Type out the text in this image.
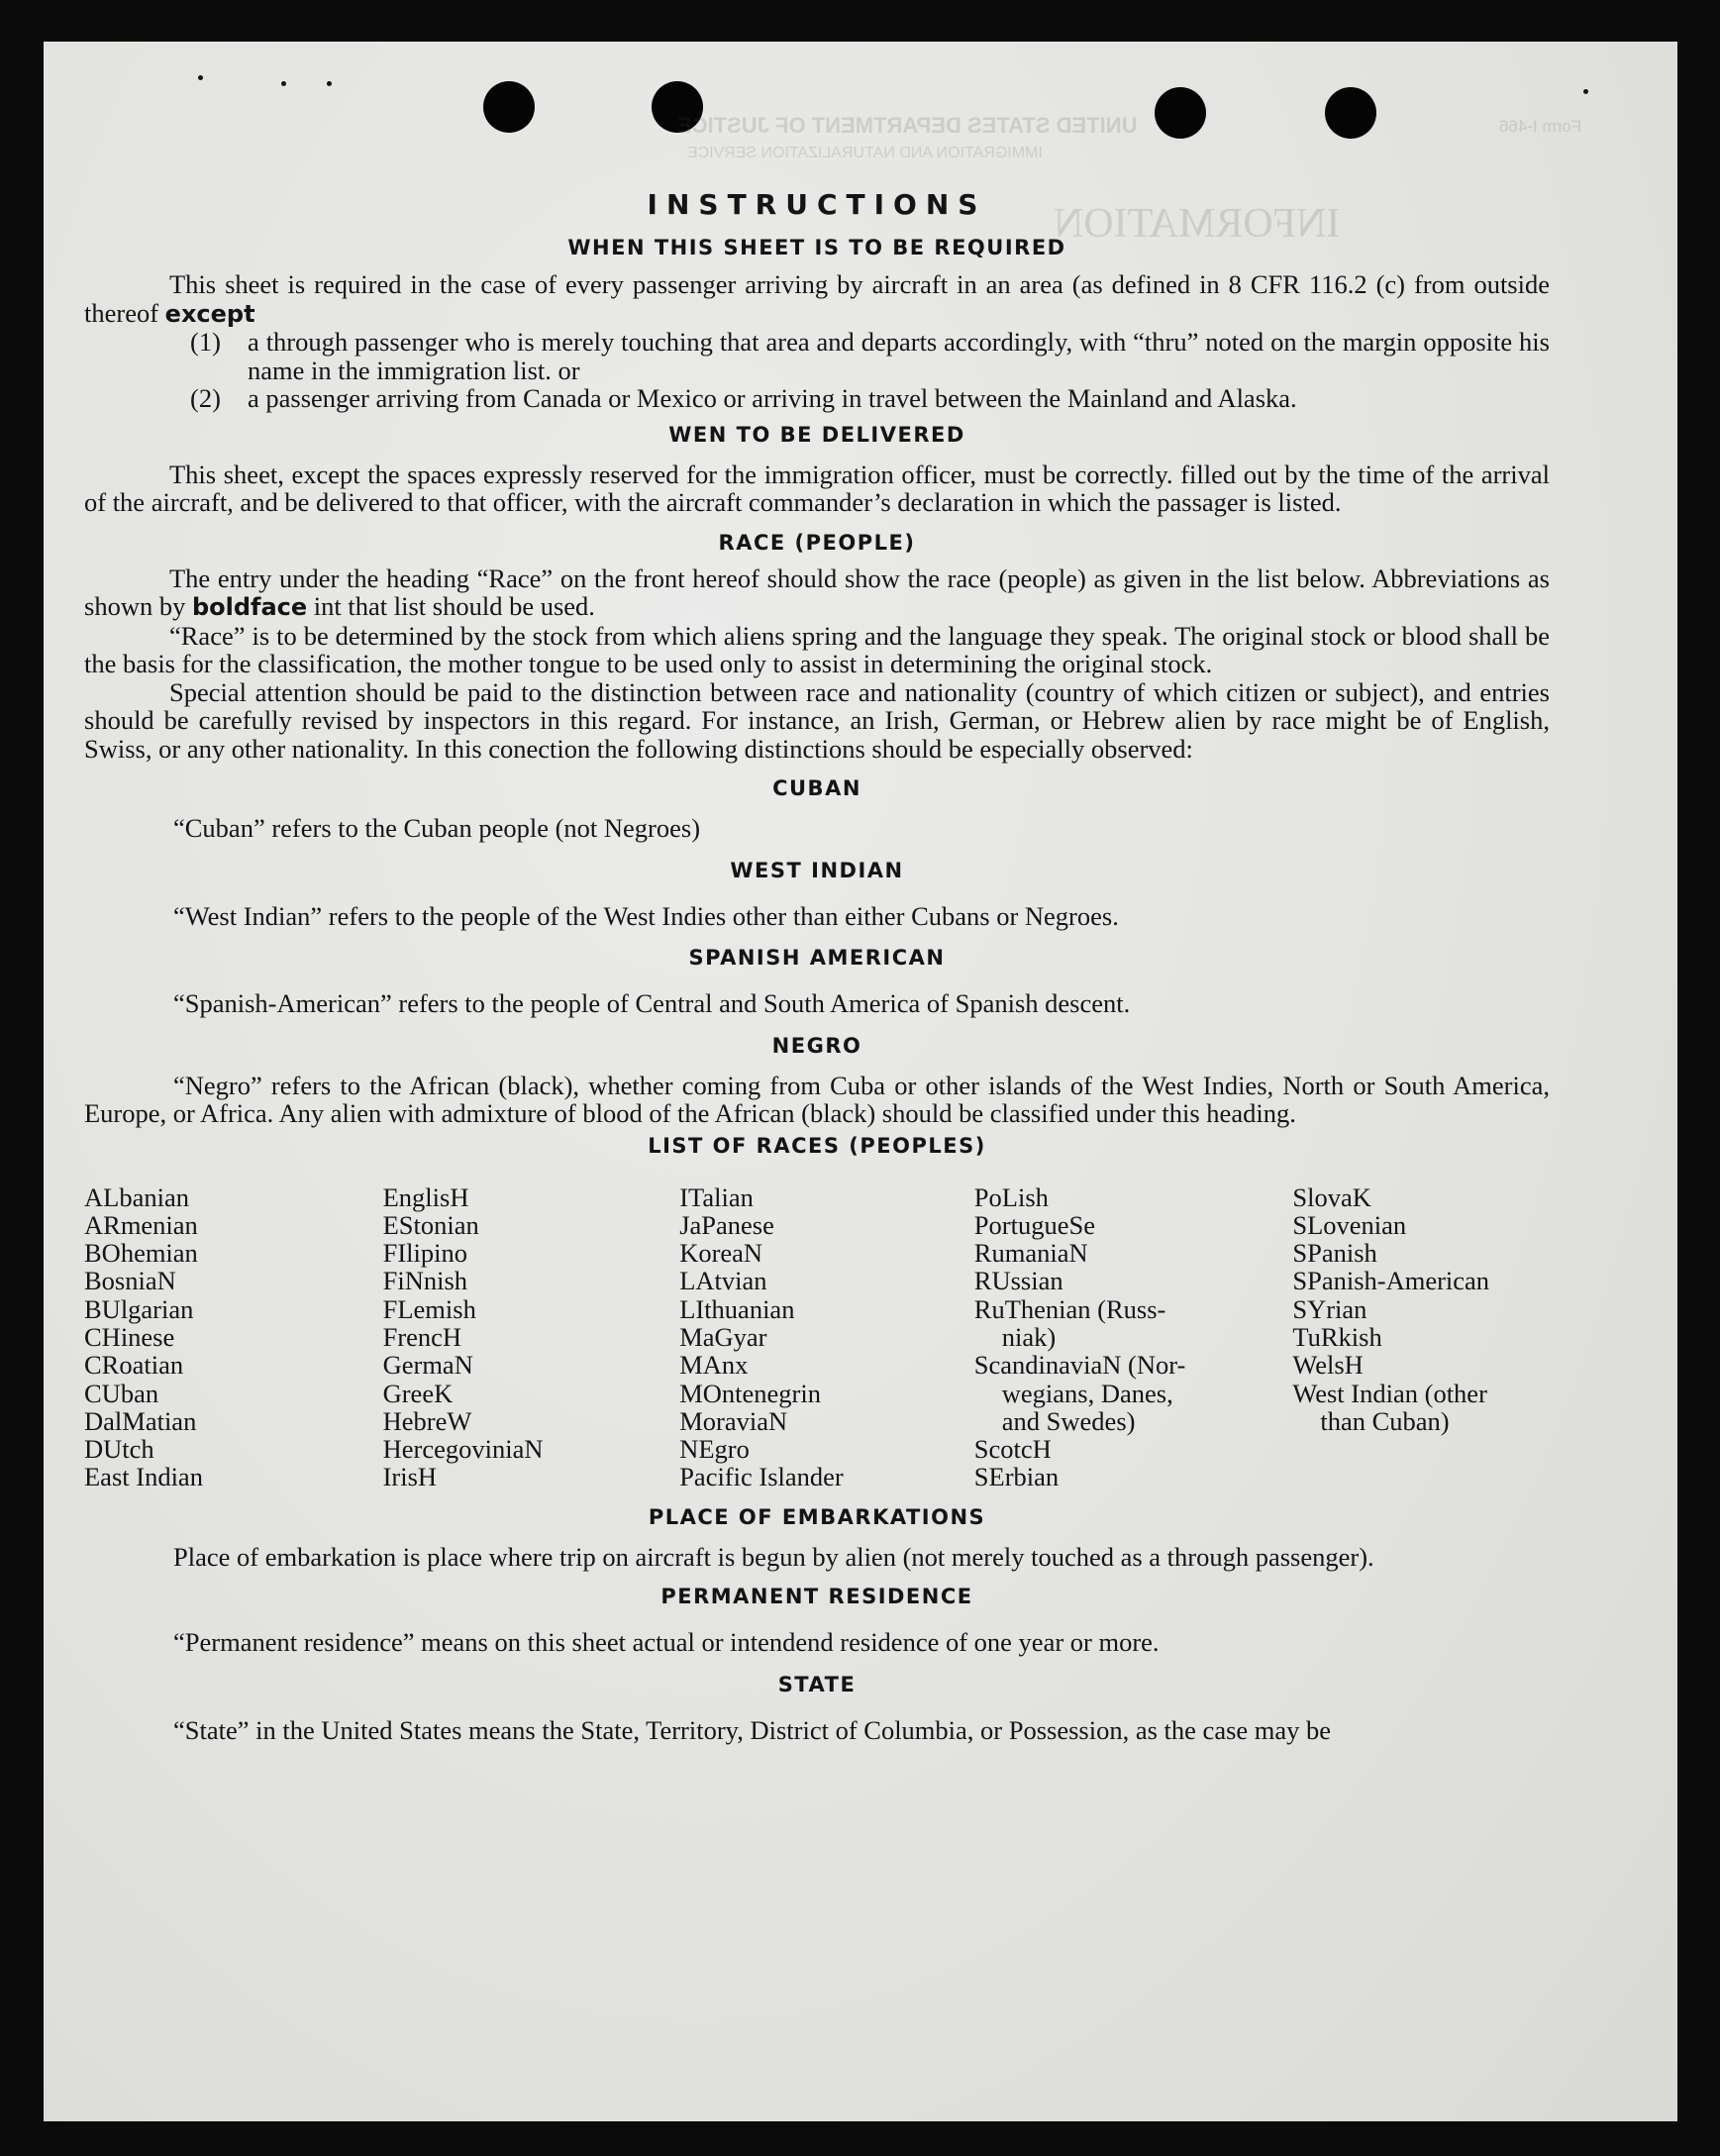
UNITED STATES DEPARTMENT OF JUSTICE
IMMIGRATION AND NATURALIZATION SERVICE
Form I-466
INFORMATION
INSTRUCTIONS
WHEN THIS SHEET IS TO BE REQUIRED

This sheet is required in the case of every passenger arriving by aircraft in an area (as defined in 8 CFR 116.2 (c) from outside thereof except

(1)	a through passenger who is merely touching that area and departs accordingly, with “thru” noted on the margin opposite his name in the immigration list. or
(2)	a passenger arriving from Canada or Mexico or arriving in travel between the Mainland and Alaska.
WEN TO BE DELIVERED

This sheet, except the spaces expressly reserved for the immigration officer, must be correctly. filled out by the time of the arrival of the aircraft, and be delivered to that officer, with the aircraft commander’s declaration in which the passager is listed.

RACE (PEOPLE)

The entry under the heading “Race” on the front hereof should show the race (people) as given in the list below. Abbreviations as shown by boldface int that list should be used.

“Race” is to be determined by the stock from which aliens spring and the language they speak. The original stock or blood shall be the basis for the classification, the mother tongue to be used only to assist in determining the original stock.

Special attention should be paid to the distinction between race and nationality (country of which citizen or subject), and entries should be carefully revised by inspectors in this regard. For instance, an Irish, German, or Hebrew alien by race might be of English, Swiss, or any other nationality. In this conection the following distinctions should be especially observed:

CUBAN

“Cuban” refers to the Cuban people (not Negroes)

WEST INDIAN

“West Indian” refers to the people of the West Indies other than either Cubans or Negroes.

SPANISH AMERICAN

“Spanish-American” refers to the people of Central and South America of Spanish descent.

NEGRO

“Negro” refers to the African (black), whether coming from Cuba or other islands of the West Indies, North or South America, Europe, or Africa. Any alien with admixture of blood of the African (black) should be classified under this heading.

LIST OF RACES (PEOPLES)
ALbanian
ARmenian
BOhemian
BosniaN
BUlgarian
CHinese
CRoatian
CUban
DalMatian
DUtch
East Indian
EnglisH
EStonian
FIlipino
FiNnish
FLemish
FrencH
GermaN
GreeK
HebreW
HercegoviniaN
IrisH
ITalian
JaPanese
KoreaN
LAtvian
LIthuanian
MaGyar
MAnx
MOntenegrin
MoraviaN
NEgro
Pacific Islander
PoLish
PortugueSe
RumaniaN
RUssian
RuThenian (Russ-
niak)
ScandinaviaN (Nor-
wegians, Danes,
and Swedes)
ScotcH
SErbian
SlovaK
SLovenian
SPanish
SPanish-American
SYrian
TuRkish
WelsH
West Indian (other
than Cuban)
PLACE OF EMBARKATIONS

Place of embarkation is place where trip on aircraft is begun by alien (not merely touched as a through passenger).

PERMANENT RESIDENCE

“Permanent residence” means on this sheet actual or intendend residence of one year or more.

STATE

“State” in the United States means the State, Territory, District of Columbia, or Possession, as the case may be
